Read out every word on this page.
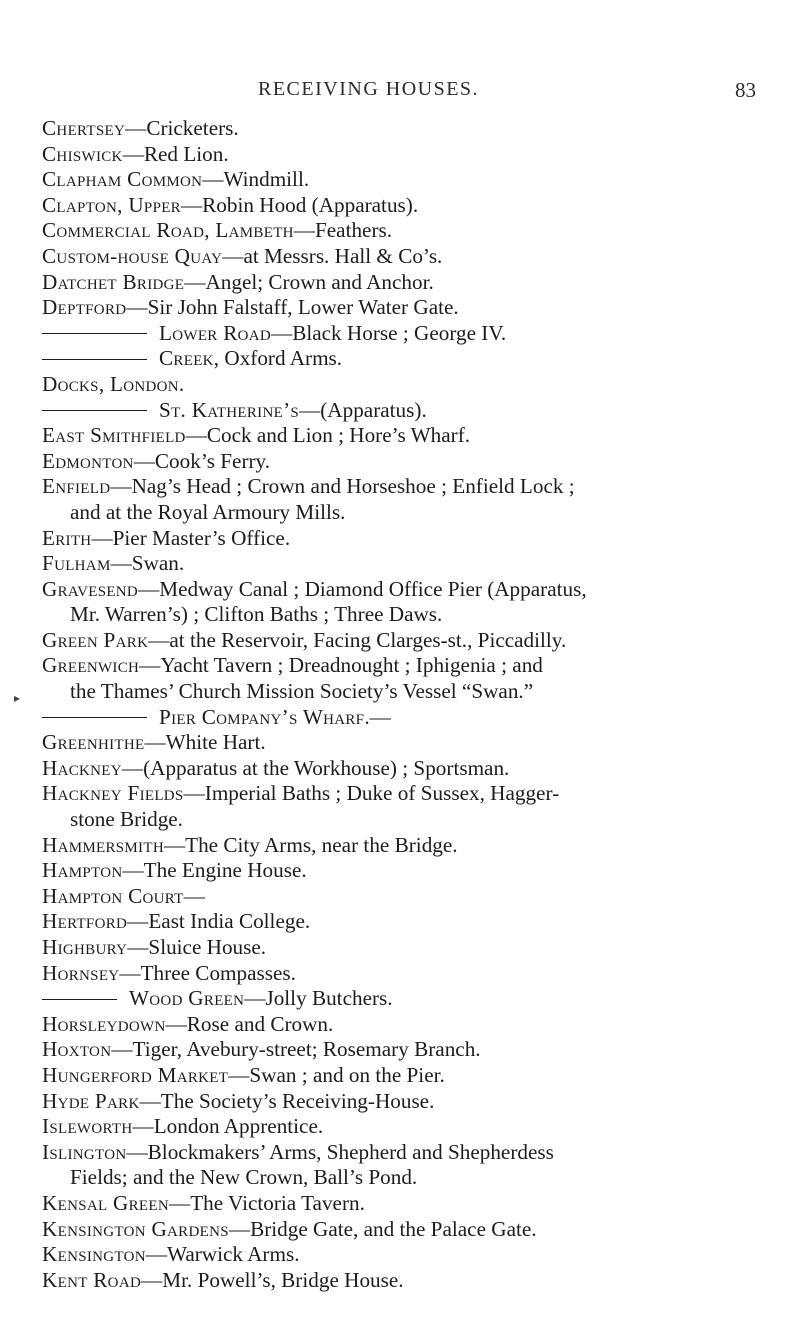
RECEIVING HOUSES.	83
▸
Chertsey—Cricketers.
Chiswick—Red Lion.
Clapham Common—Windmill.
Clapton, Upper—Robin Hood (Apparatus).
Commercial Road, Lambeth—Feathers.
Custom-house Quay—at Messrs. Hall & Co’s.
Datchet Bridge—Angel; Crown and Anchor.
Deptford—Sir John Falstaff, Lower Water Gate.
Lower Road—Black Horse ; George IV.
Creek, Oxford Arms.
Docks, London.
St. Katherine’s—(Apparatus).
East Smithfield—Cock and Lion ; Hore’s Wharf.
Edmonton—Cook’s Ferry.
Enfield—Nag’s Head ; Crown and Horseshoe ; Enfield Lock ;
and at the Royal Armoury Mills.
Erith—Pier Master’s Office.
Fulham—Swan.
Gravesend—Medway Canal ; Diamond Office Pier (Apparatus,
Mr. Warren’s) ; Clifton Baths ; Three Daws.
Green Park—at the Reservoir, Facing Clarges-st., Piccadilly.
Greenwich—Yacht Tavern ; Dreadnought ; Iphigenia ; and
the Thames’ Church Mission Society’s Vessel “Swan.”
Pier Company’s Wharf.—
Greenhithe—White Hart.
Hackney—(Apparatus at the Workhouse) ; Sportsman.
Hackney Fields—Imperial Baths ; Duke of Sussex, Hagger-
stone Bridge.
Hammersmith—The City Arms, near the Bridge.
Hampton—The Engine House.
Hampton Court—
Hertford—East India College.
Highbury—Sluice House.
Hornsey—Three Compasses.
Wood Green—Jolly Butchers.
Horsleydown—Rose and Crown.
Hoxton—Tiger, Avebury-street; Rosemary Branch.
Hungerford Market—Swan ; and on the Pier.
Hyde Park—The Society’s Receiving-House.
Isleworth—London Apprentice.
Islington—Blockmakers’ Arms, Shepherd and Shepherdess
Fields; and the New Crown, Ball’s Pond.
Kensal Green—The Victoria Tavern.
Kensington Gardens—Bridge Gate, and the Palace Gate.
Kensington—Warwick Arms.
Kent Road—Mr. Powell’s, Bridge House.
